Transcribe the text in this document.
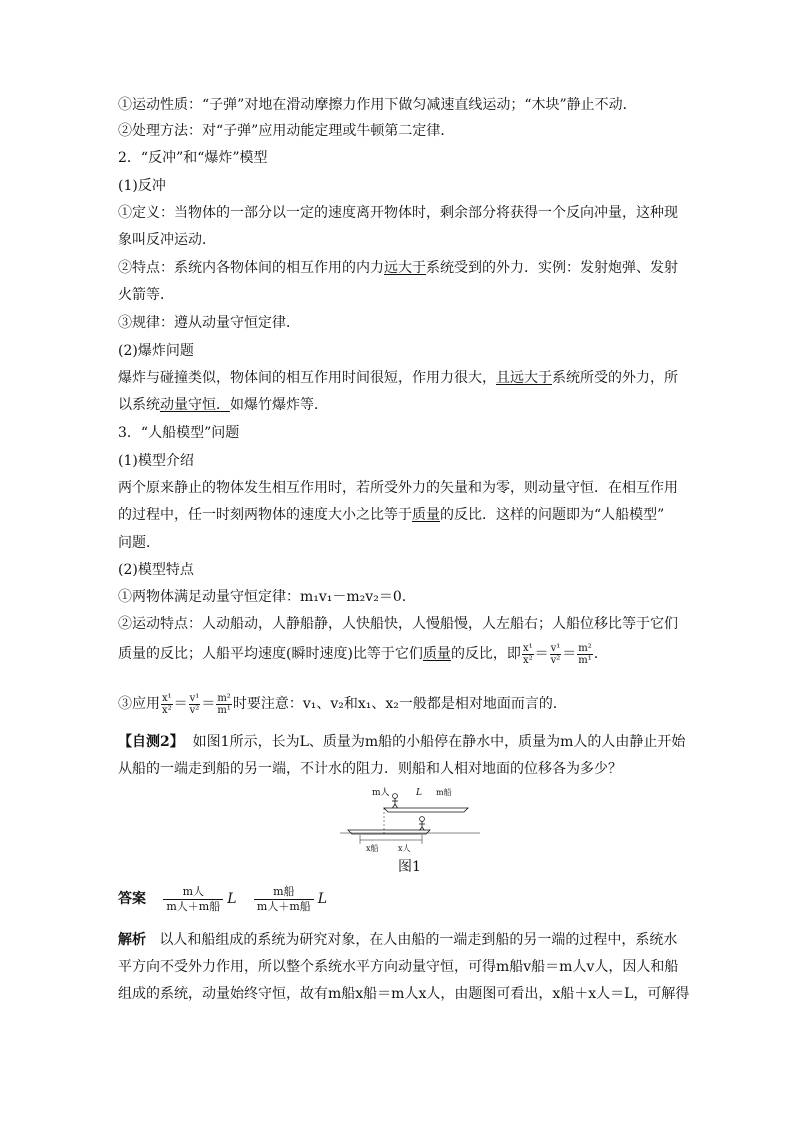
①运动性质：“子弹”对地在滑动摩擦力作用下做匀减速直线运动；“木块”静止不动．
②处理方法：对“子弹”应用动能定理或牛顿第二定律．
2．“反冲”和“爆炸”模型
(1)反冲
①定义：当物体的一部分以一定的速度离开物体时，剩余部分将获得一个反向冲量，这种现
象叫反冲运动．
②特点：系统内各物体间的相互作用的内力远大于系统受到的外力．实例：发射炮弹、发射
火箭等．
③规律：遵从动量守恒定律．
(2)爆炸问题
爆炸与碰撞类似，物体间的相互作用时间很短，作用力很大，且远大于系统所受的外力，所
以系统动量守恒．如爆竹爆炸等．
3．“人船模型”问题
(1)模型介绍
两个原来静止的物体发生相互作用时，若所受外力的矢量和为零，则动量守恒．在相互作用
的过程中，任一时刻两物体的速度大小之比等于质量的反比．这样的问题即为“人船模型”
问题．
(2)模型特点
①两物体满足动量守恒定律：m₁v₁－m₂v₂＝0.
②运动特点：人动船动，人静船静，人快船快，人慢船慢，人左船右；人船位移比等于它们
质量的反比；人船平均速度(瞬时速度)比等于它们质量的反比，即 $\frac{\text{x¹}}{\text{x²}} = \frac{\text{v¹}}{\text{v²}} = \frac{\text{m²}}{\text{m¹}}$ .
③应用 $\frac{\text{x¹}}{\text{x²}} = \frac{\text{v¹}}{\text{v²}} = \frac{\text{m²}}{\text{m¹}}$ 时要注意：v₁、v₂和x₁、x₂一般都是相对地面而言的．
【自测2】 如图1所示，长为L、质量为m船的小船停在静水中，质量为m人的人由静止开始
从船的一端走到船的另一端，不计水的阻力．则船和人相对地面的位移各为多少？
m人	L m船
x船 x人
图1
答案	m人
m人＋m船 L	m船
m人＋m船 L
解析 以人和船组成的系统为研究对象，在人由船的一端走到船的另一端的过程中，系统水
平方向不受外力作用，所以整个系统水平方向动量守恒，可得m船v船＝m人v人，因人和船
组成的系统，动量始终守恒，故有m船x船＝m人x人，由题图可看出，x船＋x人＝L，可解得
